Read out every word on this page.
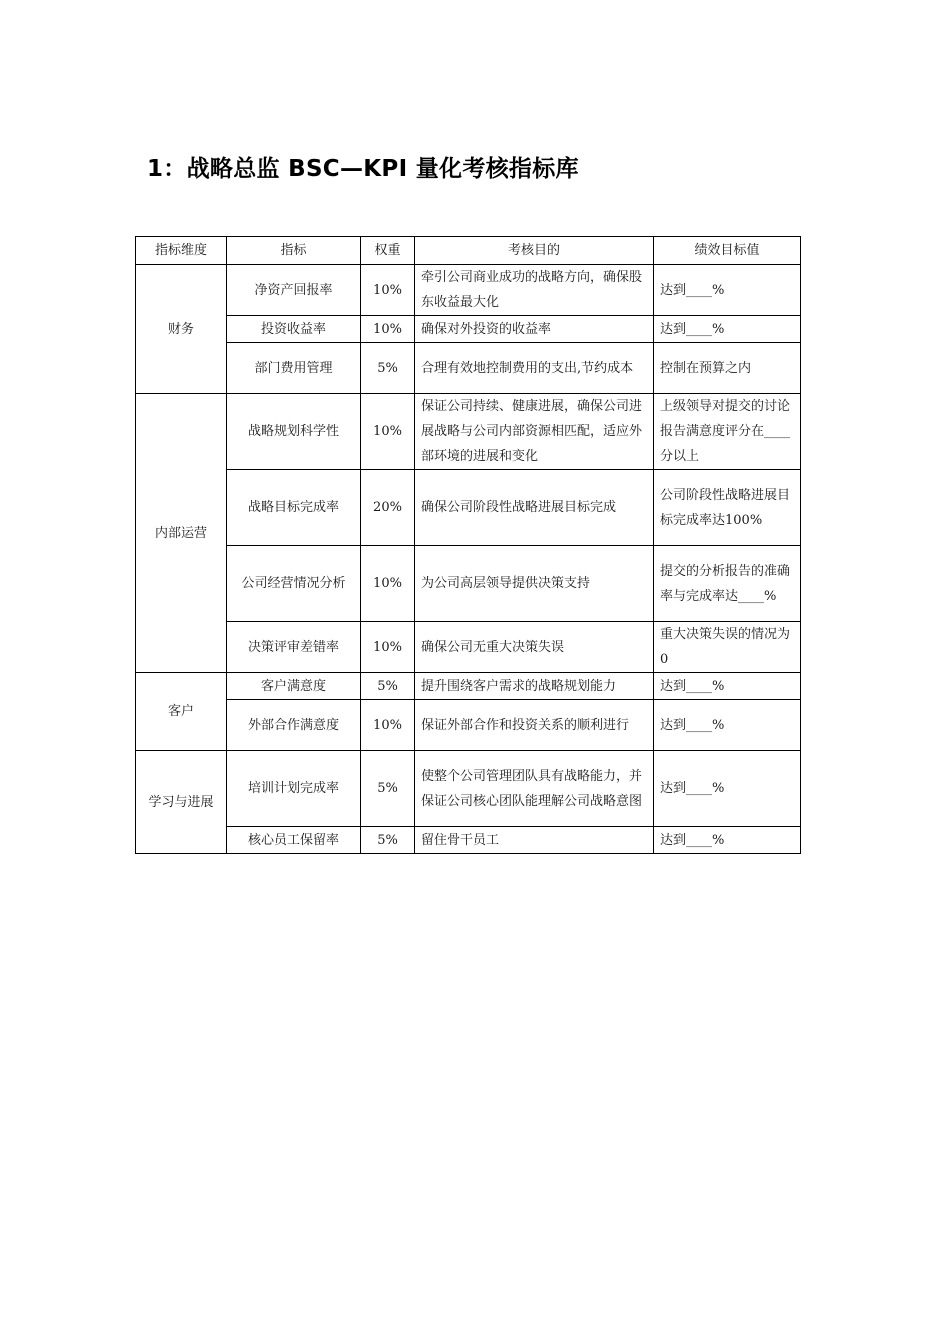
1：战略总监 BSC—KPI 量化考核指标库
指标维度	指标	权重	考核目的	绩效目标值
财务	净资产回报率	10%	牵引公司商业成功的战略方向，确保股东收益最大化	达到____%
	投资收益率	10%	确保对外投资的收益率	达到____%
	部门费用管理	5%	合理有效地控制费用的支出,节约成本	控制在预算之内
内部运营	战略规划科学性	10%	保证公司持续、健康进展，确保公司进展战略与公司内部资源相匹配，适应外部环境的进展和变化	上级领导对提交的讨论报告满意度评分在____ 分以上
	战略目标完成率	20%	确保公司阶段性战略进展目标完成	公司阶段性战略进展目标完成率达100%
	公司经营情况分析	10%	为公司高层领导提供决策支持	提交的分析报告的准确率与完成率达____%
	决策评审差错率	10%	确保公司无重大决策失误	重大决策失误的情况为0
客户	客户满意度	5%	提升围绕客户需求的战略规划能力	达到____%
	外部合作满意度	10%	保证外部合作和投资关系的顺利进行	达到____%
学习与进展	培训计划完成率	5%	使整个公司管理团队具有战略能力，并保证公司核心团队能理解公司战略意图	达到____%
	核心员工保留率	5%	留住骨干员工	达到____%
